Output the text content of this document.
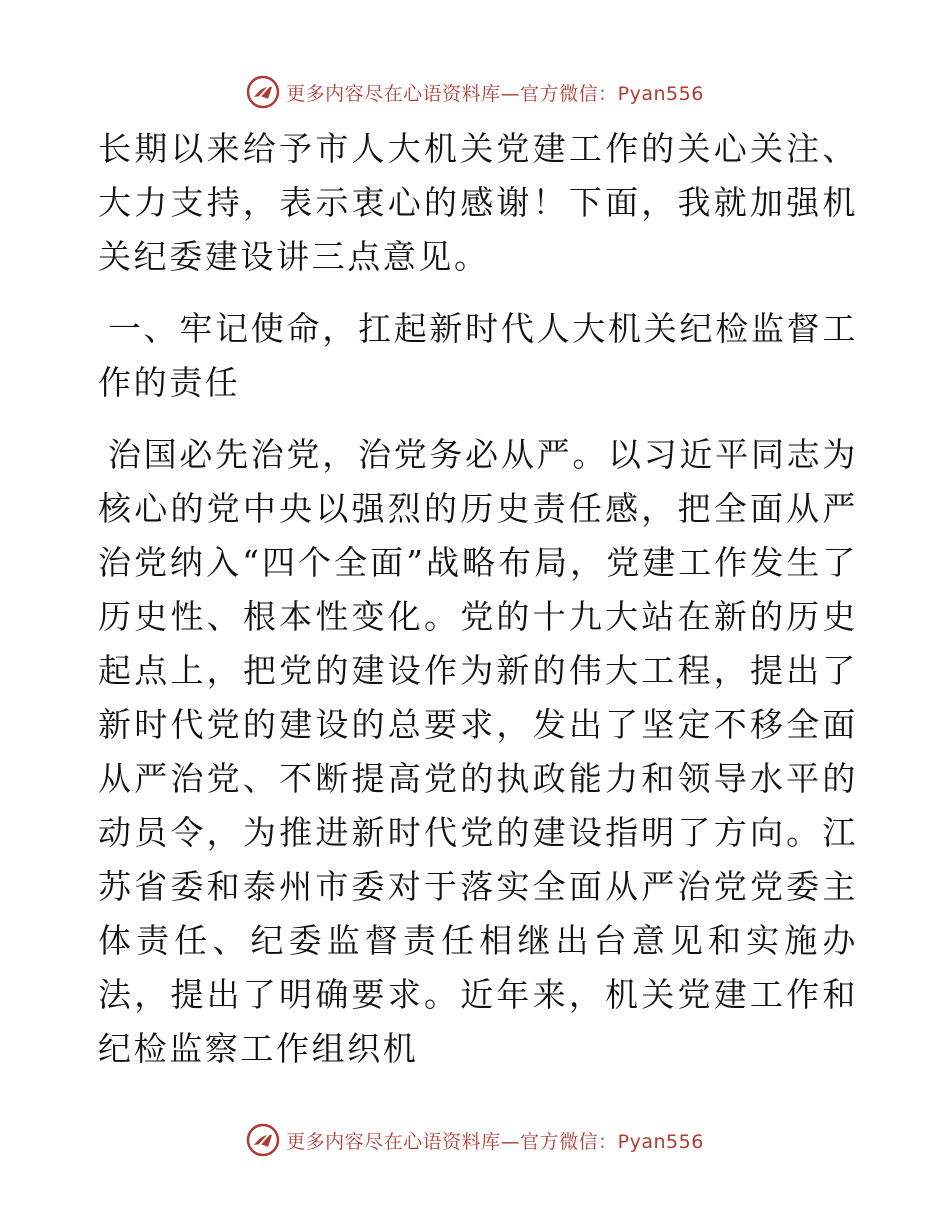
更多内容尽在心语资料库—官方微信：Pyan556

长期以来给予市人大机关党建工作的关心关注、大力支持，表示衷心的感谢！下面，我就加强机关纪委建设讲三点意见。

一、牢记使命，扛起新时代人大机关纪检监督工作的责任

治国必先治党，治党务必从严。以习近平同志为核心的党中央以强烈的历史责任感，把全面从严治党纳入“四个全面”战略布局，党建工作发生了历史性、根本性变化。党的十九大站在新的历史起点上，把党的建设作为新的伟大工程，提出了新时代党的建设的总要求，发出了坚定不移全面从严治党、不断提高党的执政能力和领导水平的动员令，为推进新时代党的建设指明了方向。江苏省委和泰州市委对于落实全面从严治党党委主体责任、纪委监督责任相继出台意见和实施办法，提出了明确要求。近年来，机关党建工作和纪检监察工作组织机

更多内容尽在心语资料库—官方微信：Pyan556
